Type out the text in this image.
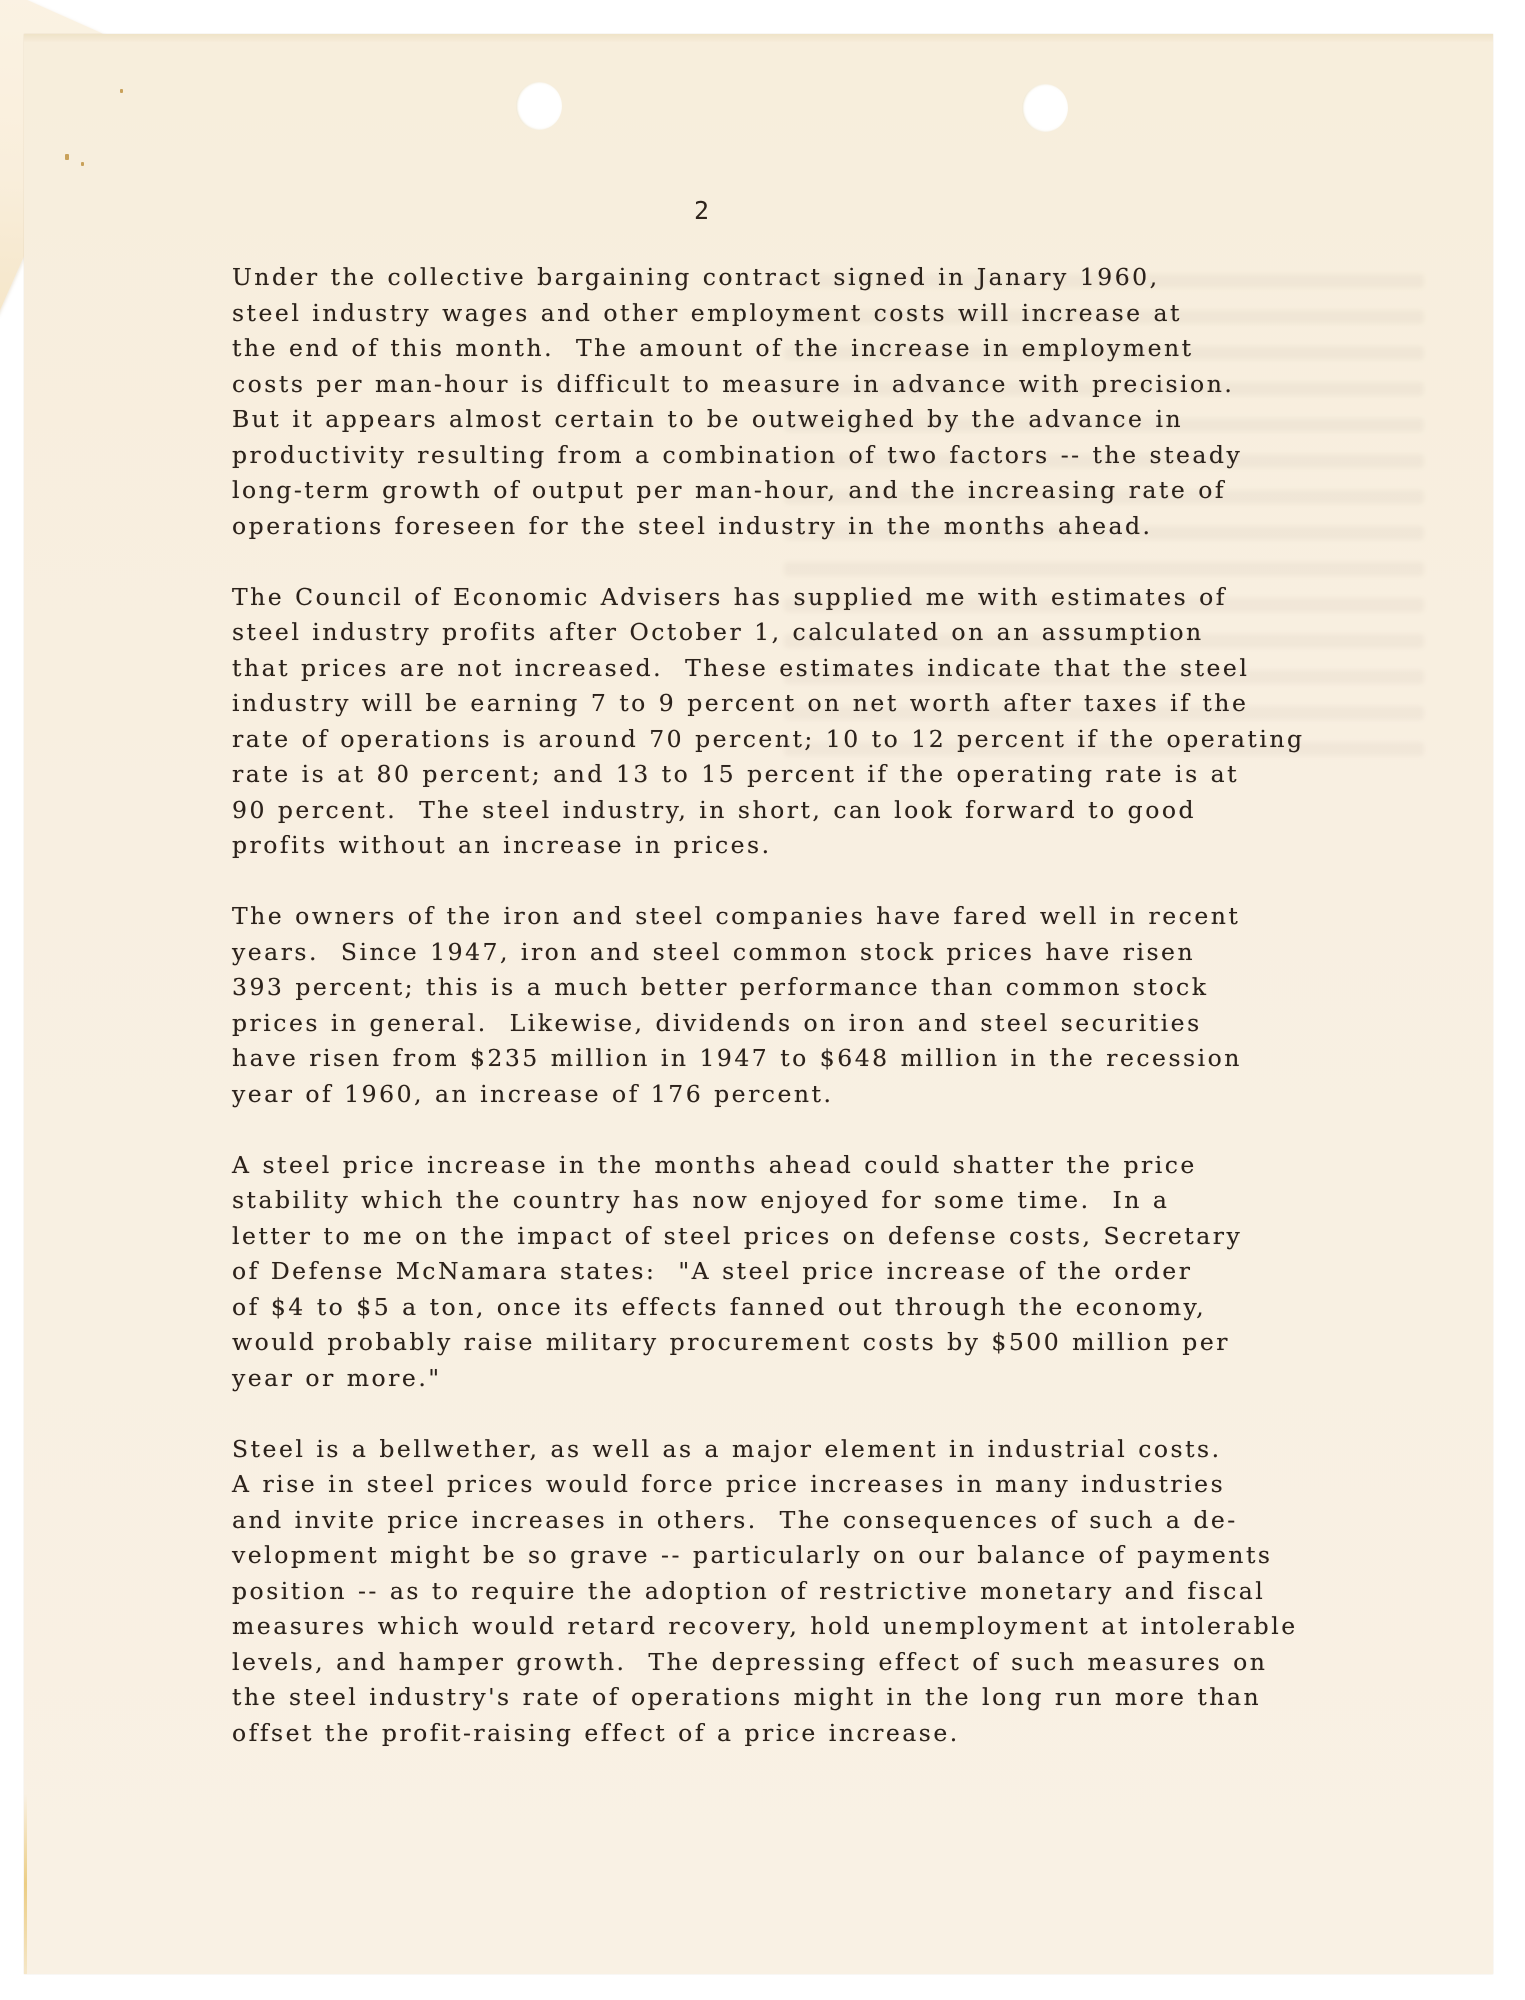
2
Under the collective bargaining contract signed in Janary 1960,
steel industry wages and other employment costs will increase at
the end of this month.  The amount of the increase in employment
costs per man-hour is difficult to measure in advance with precision.
But it appears almost certain to be outweighed by the advance in
productivity resulting from a combination of two factors -- the steady
long-term growth of output per man-hour, and the increasing rate of
operations foreseen for the steel industry in the months ahead.
The Council of Economic Advisers has supplied me with estimates of
steel industry profits after October 1, calculated on an assumption
that prices are not increased.  These estimates indicate that the steel
industry will be earning 7 to 9 percent on net worth after taxes if the
rate of operations is around 70 percent; 10 to 12 percent if the operating
rate is at 80 percent; and 13 to 15 percent if the operating rate is at
90 percent.  The steel industry, in short, can look forward to good
profits without an increase in prices.
The owners of the iron and steel companies have fared well in recent
years.  Since 1947, iron and steel common stock prices have risen
393 percent; this is a much better performance than common stock
prices in general.  Likewise, dividends on iron and steel securities
have risen from $235 million in 1947 to $648 million in the recession
year of 1960, an increase of 176 percent.
A steel price increase in the months ahead could shatter the price
stability which the country has now enjoyed for some time.  In a
letter to me on the impact of steel prices on defense costs, Secretary
of Defense McNamara states:  "A steel price increase of the order
of $4 to $5 a ton, once its effects fanned out through the economy,
would probably raise military procurement costs by $500 million per
year or more."
Steel is a bellwether, as well as a major element in industrial costs.
A rise in steel prices would force price increases in many industries
and invite price increases in others.  The consequences of such a de-
velopment might be so grave -- particularly on our balance of payments
position -- as to require the adoption of restrictive monetary and fiscal
measures which would retard recovery, hold unemployment at intolerable
levels, and hamper growth.  The depressing effect of such measures on
the steel industry's rate of operations might in the long run more than
offset the profit-raising effect of a price increase.
